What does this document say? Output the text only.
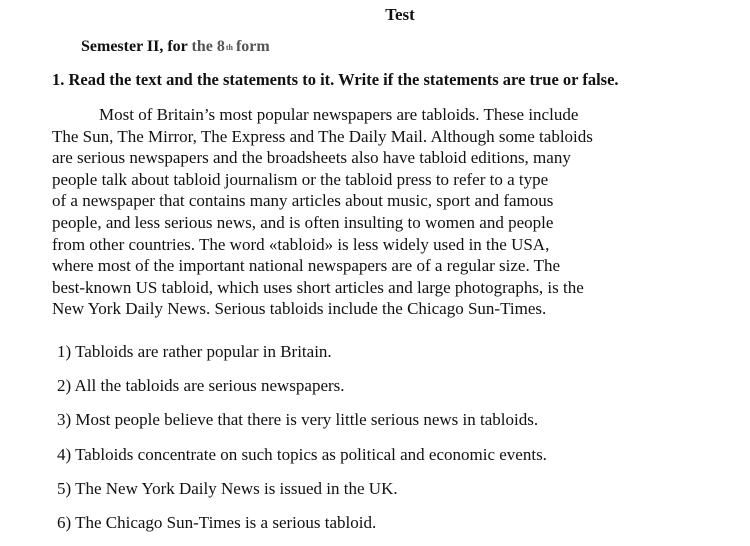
Test
Semester II, for the 8th form
1. Read the text and the statements to it. Write if the statements are true or false.
Most of Britain’s most popular newspapers are tabloids. These include
The Sun, The Mirror, The Express and The Daily Mail. Although some tabloids
are serious newspapers and the broadsheets also have tabloid editions, many
people talk about tabloid journalism or the tabloid press to refer to a type
of a newspaper that contains many articles about music, sport and famous
people, and less serious news, and is often insulting to women and people
from other countries. The word «tabloid» is less widely used in the USA,
where most of the important national newspapers are of a regular size. The
best-known US tabloid, which uses short articles and large photographs, is the
New York Daily News. Serious tabloids include the Chicago Sun-Times.
1) Tabloids are rather popular in Britain.
2) All the tabloids are serious newspapers.
3) Most people believe that there is very little serious news in tabloids.
4) Tabloids concentrate on such topics as political and economic events.
5) The New York Daily News is issued in the UK.
6) The Chicago Sun-Times is a serious tabloid.
